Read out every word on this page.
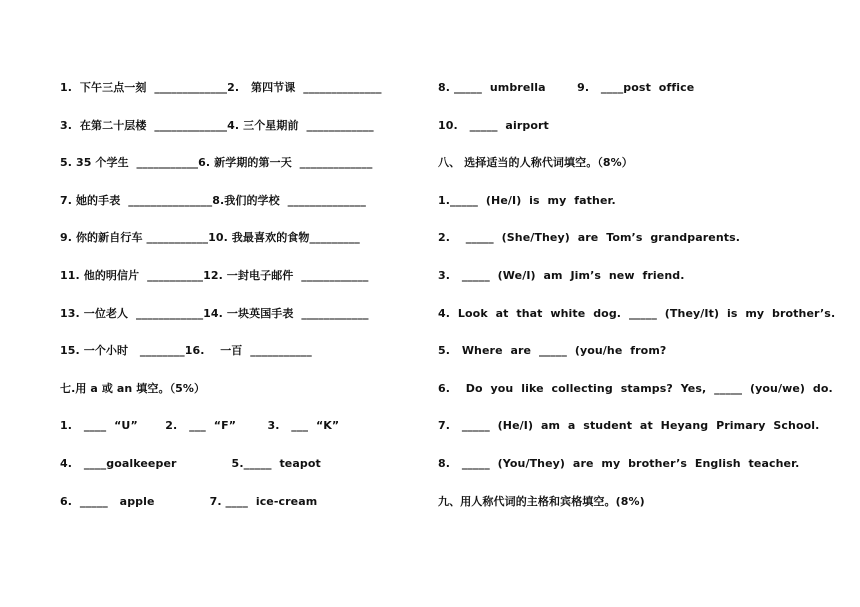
1.  下午三点一刻  _____________2.   第四节课  ______________
3.  在第二十层楼  _____________4. 三个星期前  ____________
5. 35 个学生  ___________6. 新学期的第一天  _____________
7. 她的手表  _______________8.我们的学校  ______________
9. 你的新自行车 ___________10. 我最喜欢的食物_________
11. 他的明信片  __________12. 一封电子邮件  ____________
13. 一位老人  ____________14. 一块英国手表  ____________
15. 一个小时   ________16.    一百  ___________
七.用 a 或 an 填空。（5%）
1.   ____  “U”       2.   ___  “F”        3.   ___  “K”
4.   ____goalkeeper              5._____  teapot
6.  _____   apple              7. ____  ice-cream
8. _____  umbrella        9.   ____post  office
10.   _____  airport
八、 选择适当的人称代词填空。（8%）
1._____  (He/I)  is  my  father.
2.    _____  (She/They)  are  Tom’s  grandparents.
3.   _____  (We/I)  am  Jim’s  new  friend.
4.  Look  at  that  white  dog.  _____  (They/It)  is  my  brother’s.
5.   Where  are  _____  (you/he  from?
6.    Do  you  like  collecting  stamps?  Yes,  _____  (you/we)  do.
7.   _____  (He/I)  am  a  student  at  Heyang  Primary  School.
8.   _____  (You/They)  are  my  brother’s  English  teacher.
九、用人称代词的主格和宾格填空。(8%)
